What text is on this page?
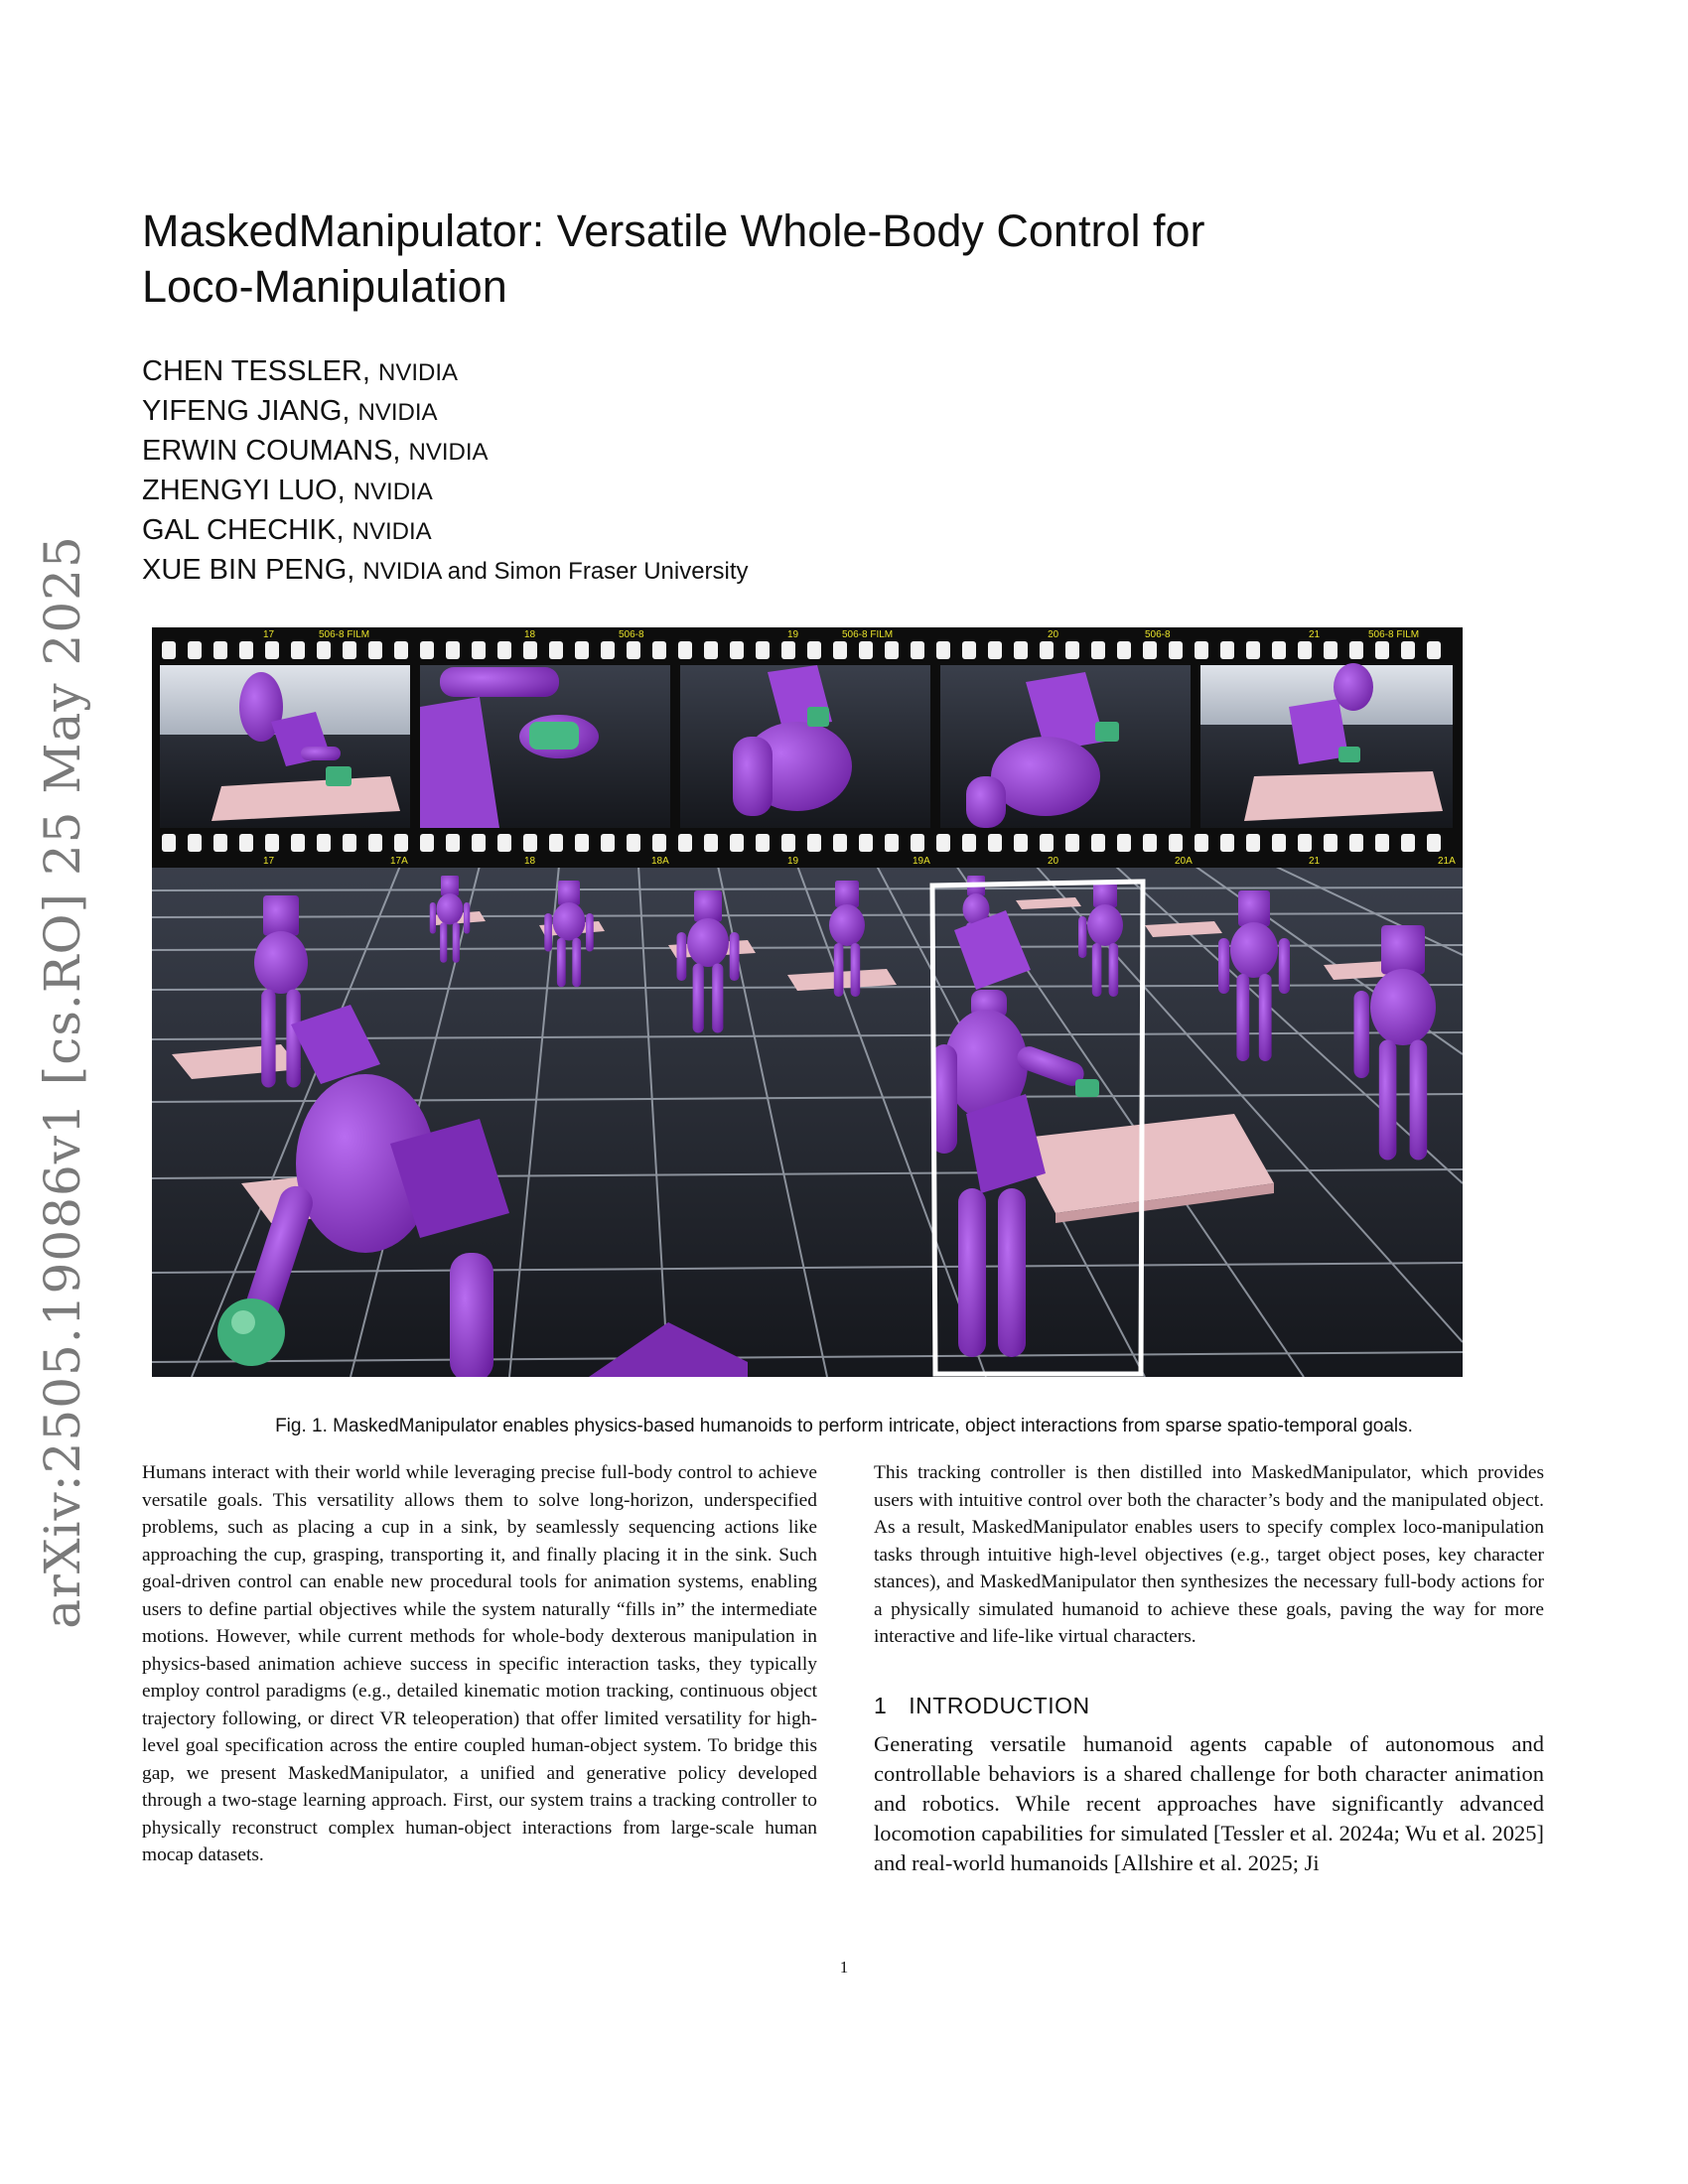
arXiv:2505.19086v1 [cs.RO] 25 May 2025
MaskedManipulator: Versatile Whole-Body Control for
Loco-Manipulation
CHEN TESSLER, NVIDIA
YIFENG JIANG, NVIDIA
ERWIN COUMANS, NVIDIA
ZHENGYI LUO, NVIDIA
GAL CHECHIK, NVIDIA
XUE BIN PENG, NVIDIA and Simon Fraser University
17	506-8 FILM	18	506-8	19	506-8 FILM	20	506-8	21	506-8 FILM
17	17A	18	18A	19	19A	20	20A	21	21A
Fig. 1. MaskedManipulator enables physics-based humanoids to perform intricate, object interactions from sparse spatio-temporal goals.

Humans interact with their world while leveraging precise full-body control to achieve versatile goals. This versatility allows them to solve long-horizon, underspecified problems, such as placing a cup in a sink, by seamlessly sequencing actions like approaching the cup, grasping, transporting it, and finally placing it in the sink. Such goal-driven control can enable new procedural tools for animation systems, enabling users to define partial objectives while the system naturally “fills in” the intermediate motions. However, while current methods for whole-body dexterous manipulation in physics-based animation achieve success in specific interaction tasks, they typically employ control paradigms (e.g., detailed kinematic motion tracking, continuous object trajectory following, or direct VR teleoperation) that offer limited versatility for high-level goal specification across the entire coupled human-object system. To bridge this gap, we present MaskedManipulator, a unified and generative policy developed through a two-stage learning approach. First, our system trains a tracking controller to physically reconstruct complex human-object interactions from large-scale human mocap datasets.

This tracking controller is then distilled into MaskedManipulator, which provides users with intuitive control over both the character’s body and the manipulated object. As a result, MaskedManipulator enables users to specify complex loco-manipulation tasks through intuitive high-level objectives (e.g., target object poses, key character stances), and MaskedManipulator then synthesizes the necessary full-body actions for a physically simulated humanoid to achieve these goals, paving the way for more interactive and life-like virtual characters.

1 INTRODUCTION

Generating versatile humanoid agents capable of autonomous and controllable behaviors is a shared challenge for both character animation and robotics. While recent approaches have significantly advanced locomotion capabilities for simulated [Tessler et al. 2024a; Wu et al. 2025] and real-world humanoids [Allshire et al. 2025; Ji

1
